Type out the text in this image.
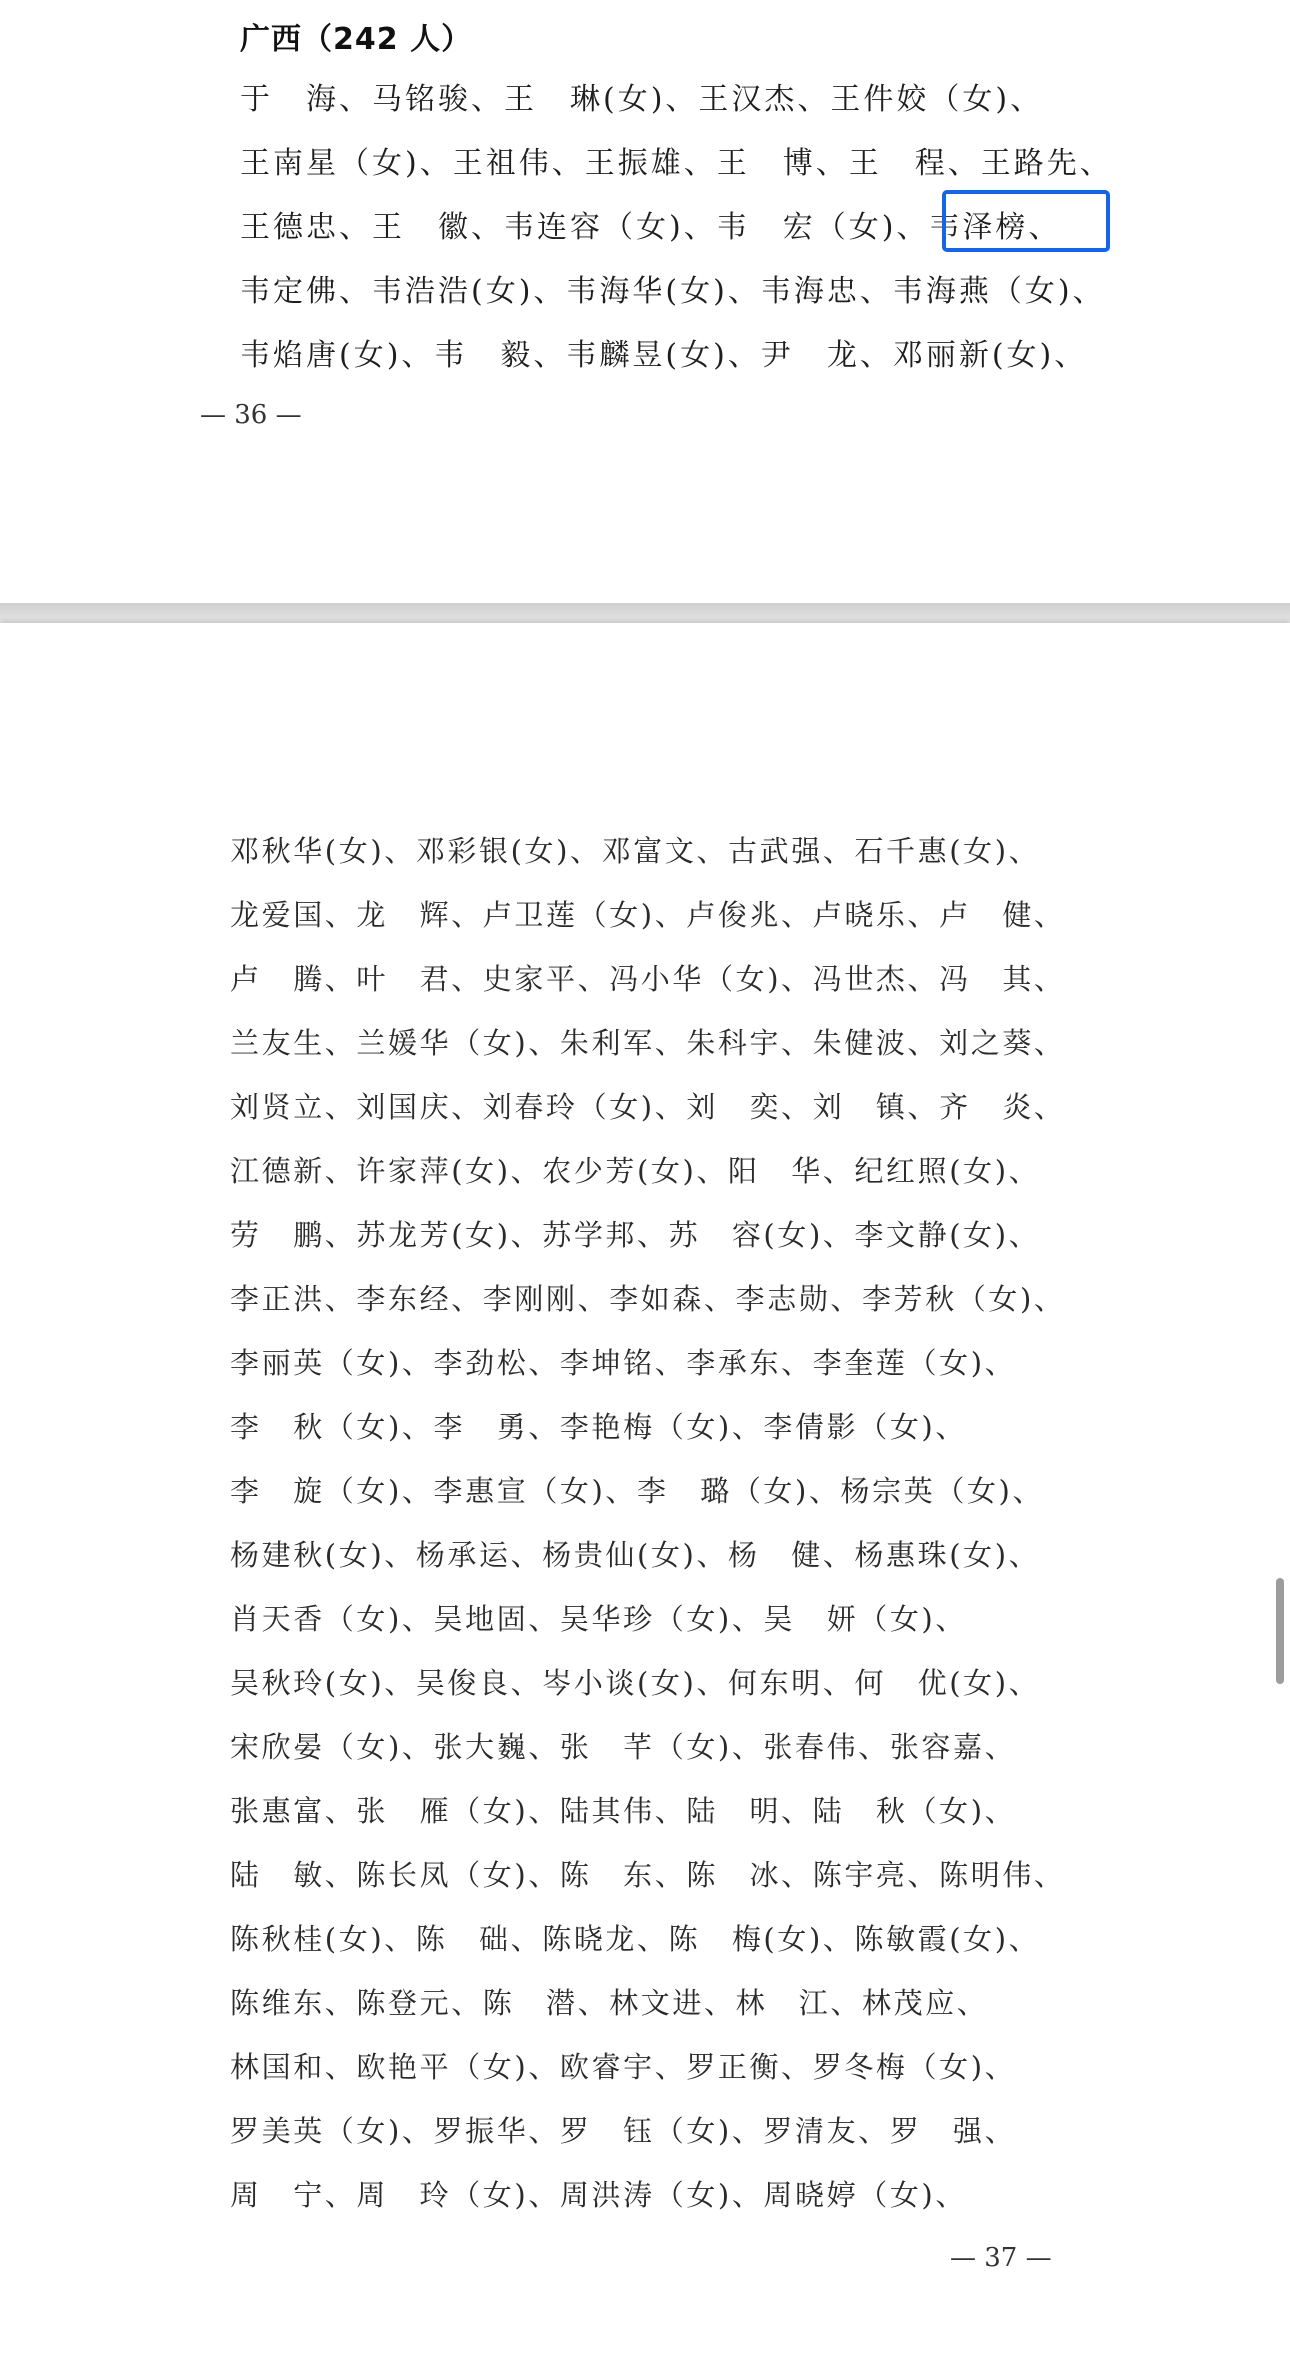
广西（242 人）
于　海、马铭骏、王　琳(女)、王汉杰、王件姣（女)、
王南星（女)、王祖伟、王振雄、王　博、王　程、王路先、
王德忠、王　徽、韦连容（女)、韦　宏（女)、韦泽榜、
韦定佛、韦浩浩(女)、韦海华(女)、韦海忠、韦海燕（女)、
韦焰唐(女)、韦　毅、韦麟昱(女)、尹　龙、邓丽新(女)、
— 36 —
邓秋华(女)、邓彩银(女)、邓富文、古武强、石千惠(女)、
龙爱国、龙　辉、卢卫莲（女)、卢俊兆、卢晓乐、卢　健、
卢　腾、叶　君、史家平、冯小华（女)、冯世杰、冯　其、
兰友生、兰媛华（女)、朱利军、朱科宇、朱健波、刘之葵、
刘贤立、刘国庆、刘春玲（女)、刘　奕、刘　镇、齐　炎、
江德新、许家萍(女)、农少芳(女)、阳　华、纪红照(女)、
劳　鹏、苏龙芳(女)、苏学邦、苏　容(女)、李文静(女)、
李正洪、李东经、李刚刚、李如森、李志勋、李芳秋（女)、
李丽英（女)、李劲松、李坤铭、李承东、李奎莲（女)、
李　秋（女)、李　勇、李艳梅（女)、李倩影（女)、
李　旋（女)、李惠宣（女)、李　璐（女)、杨宗英（女)、
杨建秋(女)、杨承运、杨贵仙(女)、杨　健、杨惠珠(女)、
肖天香（女)、吴地固、吴华珍（女)、吴　妍（女)、
吴秋玲(女)、吴俊良、岑小谈(女)、何东明、何　优(女)、
宋欣晏（女)、张大巍、张　芊（女)、张春伟、张容嘉、
张惠富、张　雁（女)、陆其伟、陆　明、陆　秋（女)、
陆　敏、陈长凤（女)、陈　东、陈　冰、陈宇亮、陈明伟、
陈秋桂(女)、陈　础、陈晓龙、陈　梅(女)、陈敏霞(女)、
陈维东、陈登元、陈　潜、林文进、林　江、林茂应、
林国和、欧艳平（女)、欧睿宇、罗正衡、罗冬梅（女)、
罗美英（女)、罗振华、罗　钰（女)、罗清友、罗　强、
周　宁、周　玲（女)、周洪涛（女)、周晓婷（女)、
— 37 —
